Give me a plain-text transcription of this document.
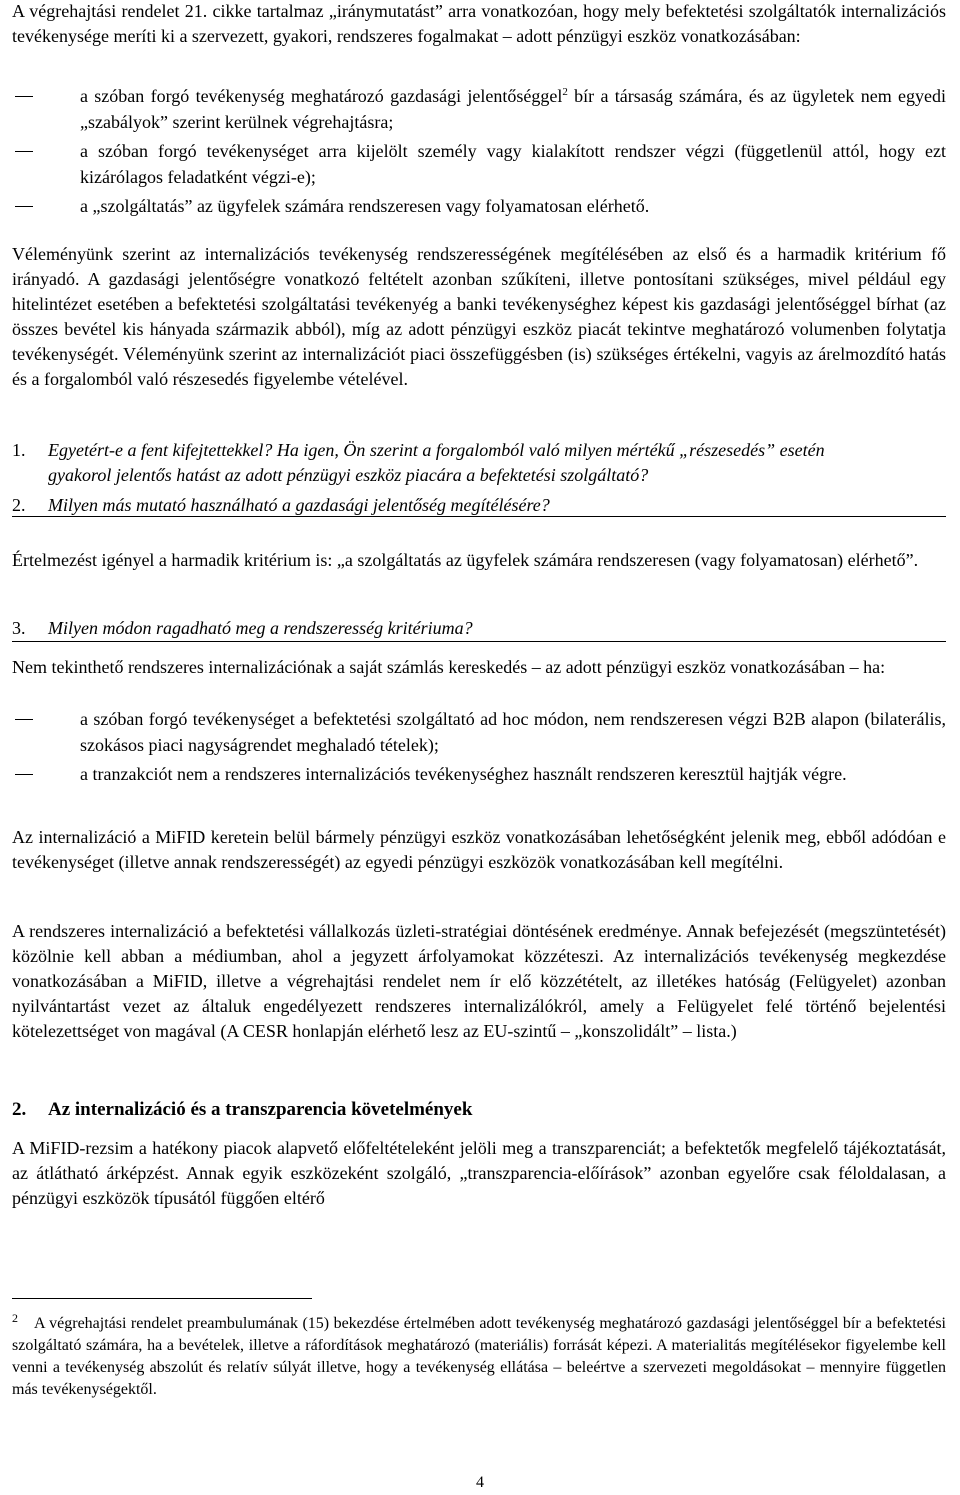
A végrehajtási rendelet 21. cikke tartalmaz „iránymutatást” arra vonatkozóan, hogy mely befektetési szolgáltatók internalizációs tevékenysége meríti ki a szervezett, gyakori, rendszeres fogalmakat – adott pénzügyi eszköz vonatkozásában:

a szóban forgó tevékenység meghatározó gazdasági jelentőséggel$^2$ bír a társaság számára, és az ügyletek nem egyedi „szabályok” szerint kerülnek végrehajtásra;
a szóban forgó tevékenységet arra kijelölt személy vagy kialakított rendszer végzi (függetlenül attól, hogy ezt kizárólagos feladatként végzi-e);
a „szolgáltatás” az ügyfelek számára rendszeresen vagy folyamatosan elérhető.

Véleményünk szerint az internalizációs tevékenység rendszerességének megítélésében az első és a harmadik kritérium fő irányadó. A gazdasági jelentőségre vonatkozó feltételt azonban szűkíteni, illetve pontosítani szükséges, mivel például egy hitelintézet esetében a befektetési szolgáltatási tevékenyég a banki tevékenységhez képest kis gazdasági jelentőséggel bírhat (az összes bevétel kis hányada származik abból), míg az adott pénzügyi eszköz piacát tekintve meghatározó volumenben folytatja tevékenységét. Véleményünk szerint az internalizációt piaci összefüggésben (is) szükséges értékelni, vagyis az árelmozdító hatás és a forgalomból való részesedés figyelembe vételével.

1. Egyetért-e a fent kifejtettekkel? Ha igen, Ön szerint a forgalomból való milyen mértékű „részesedés” esetén

gyakorol jelentős hatást az adott pénzügyi eszköz piacára a befektetési szolgáltató?

2. Milyen más mutató használható a gazdasági jelentőség megítélésére?

Értelmezést igényel a harmadik kritérium is: „a szolgáltatás az ügyfelek számára rendszeresen (vagy folyamatosan) elérhető”.

3. Milyen módon ragadható meg a rendszeresség kritériuma?

Nem tekinthető rendszeres internalizációnak a saját számlás kereskedés – az adott pénzügyi eszköz vonatkozásában – ha:

a szóban forgó tevékenységet a befektetési szolgáltató ad hoc módon, nem rendszeresen végzi B2B alapon (bilaterális, szokásos piaci nagyságrendet meghaladó tételek);
a tranzakciót nem a rendszeres internalizációs tevékenységhez használt rendszeren keresztül hajtják végre.

Az internalizáció a MiFID keretein belül bármely pénzügyi eszköz vonatkozásában lehetőségként jelenik meg, ebből adódóan e tevékenységet (illetve annak rendszerességét) az egyedi pénzügyi eszközök vonatkozásában kell megítélni.

A rendszeres internalizáció a befektetési vállalkozás üzleti-stratégiai döntésének eredménye. Annak befejezését (megszüntetését) közölnie kell abban a médiumban, ahol a jegyzett árfolyamokat közzéteszi. Az internalizációs tevékenység megkezdése vonatkozásában a MiFID, illetve a végrehajtási rendelet nem ír elő közzétételt, az illetékes hatóság (Felügyelet) azonban nyilvántartást vezet az általuk engedélyezett rendszeres internalizálókról, amely a Felügyelet felé történő bejelentési kötelezettséget von magával (A CESR honlapján elérhető lesz az EU-szintű – „konszolidált” – lista.)

2. Az internalizáció és a transzparencia követelmények

A MiFID-rezsim a hatékony piacok alapvető előfeltételeként jelöli meg a transzparenciát; a befektetők megfelelő tájékoztatását, az átlátható árképzést. Annak egyik eszközeként szolgáló, „transzparencia-előírások” azonban egyelőre csak féloldalasan, a pénzügyi eszközök típusától függően eltérő

2 A végrehajtási rendelet preambulumának (15) bekezdése értelmében adott tevékenység meghatározó gazdasági jelentőséggel bír a befektetési szolgáltató számára, ha a bevételek, illetve a ráfordítások meghatározó (materiális) forrását képezi. A materialitás megítélésekor figyelembe kell venni a tevékenység abszolút és relatív súlyát illetve, hogy a tevékenység ellátása – beleértve a szervezeti megoldásokat – mennyire független más tevékenységektől.

4
